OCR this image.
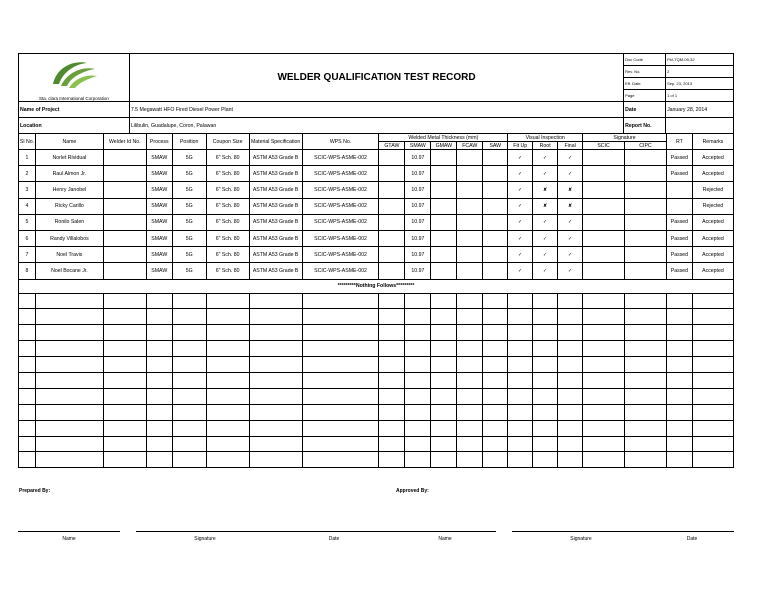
Sta. clara International Corporation	WELDER QUALIFICATION TEST RECORD	Doc Code	FM-TQM-09-32
		Rev. No.	2
		Eff. Date	Sep. 23, 2013
		Page	1 of 1
Name of Project	7.5 Megawatt HFO Fired Diesel Power Plant	Date	January 28, 2014
Location	Lilibulin, Guadalupe, Coron, Palawan	Report No.	
Sl No.	Name	Welder Id No.	Process	Position	Coupon Size	Material Specification	WPS No.	Welded Metal Thickness (mm)					Visual Inspection			Signature		RT	Remarks
								GTAW	SMAW	GMAW	FCAW	SAW	Fit Up	Root	Final	SCIC	CIPC		
1	Norlet Rividual		SMAW	5G	6" Sch. 80	ASTM A53 Grade B	SCIC-WPS-ASME-002		10.97				✓	✓	✓			Passed	Accepted
2	Raul Almon Jr.		SMAW	5G	6" Sch. 80	ASTM A53 Grade B	SCIC-WPS-ASME-002		10.97				✓	✓	✓			Passed	Accepted
3	Henry Janobel		SMAW	5G	6" Sch. 80	ASTM A53 Grade B	SCIC-WPS-ASME-002		10.97				✓	✘	✘				Rejected
4	Ricky Carillo		SMAW	5G	6" Sch. 80	ASTM A53 Grade B	SCIC-WPS-ASME-002		10.97				✓	✘	✘				Rejected
5	Ronilo Salen		SMAW	5G	6" Sch. 80	ASTM A53 Grade B	SCIC-WPS-ASME-002		10.97				✓	✓	✓			Passed	Accepted
6	Randy Villalobos		SMAW	5G	6" Sch. 80	ASTM A53 Grade B	SCIC-WPS-ASME-002		10.97				✓	✓	✓			Passed	Accepted
7	Noel Travis		SMAW	5G	6" Sch. 80	ASTM A53 Grade B	SCIC-WPS-ASME-002		10.97				✓	✓	✓			Passed	Accepted
8	Noel Bocane Jr.		SMAW	5G	6" Sch. 80	ASTM A53 Grade B	SCIC-WPS-ASME-002		10.97				✓	✓	✓			Passed	Accepted
*********Nothing Follows*********																			

Prepared By:	Approved By:
Name	Signature	Date	Name	Signature	Date
